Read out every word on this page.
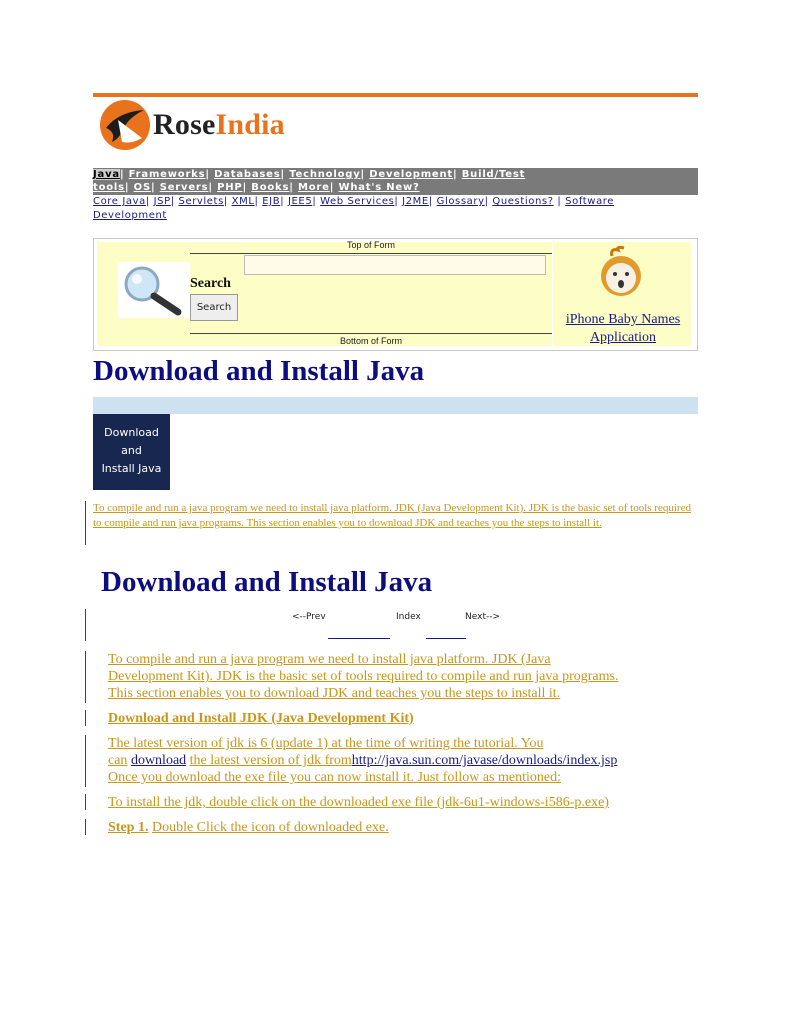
RoseIndia
Java| Frameworks| Databases| Technology| Development| Build/Test
tools| OS| Servers| PHP| Books| More| What's New?
Core Java| JSP| Servlets| XML| EJB| JEE5| Web Services| J2ME| Glossary| Questions? | Software
Development
Top of Form
Search
Search
Bottom of Form
iPhone Baby Names
Application
Download and Install Java
Download
and
Install Java
To compile and run a java program we need to install java platform. JDK (Java Development Kit). JDK is the basic set of tools required to compile and run java programs. This section enables you to download JDK and teaches you the steps to install it.
Download and Install Java
<--Prev	Index	Next-->
To compile and run a java program we need to install java platform. JDK (Java
Development Kit). JDK is the basic set of tools required to compile and run java programs.
This section enables you to download JDK and teaches you the steps to install it.
Download and Install JDK (Java Development Kit)
The latest version of jdk is 6 (update 1) at the time of writing the tutorial. You
can download the latest version of jdk fromhttp://java.sun.com/javase/downloads/index.jsp
Once you download the exe file you can now install it. Just follow as mentioned:
To install the jdk, double click on the downloaded exe file (jdk-6u1-windows-i586-p.exe)
Step 1. Double Click the icon of downloaded exe.
